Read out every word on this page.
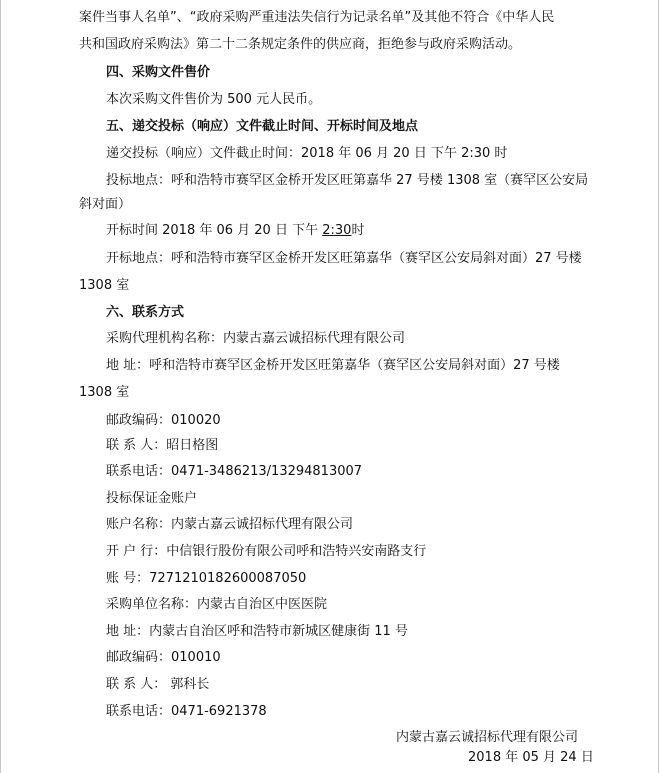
案件当事人名单”、“政府采购严重违法失信行为记录名单”及其他不符合《中华人民
共和国政府采购法》第二十二条规定条件的供应商，拒绝参与政府采购活动。
四、采购文件售价
本次采购文件售价为 500 元人民币。
五、递交投标（响应）文件截止时间、开标时间及地点
递交投标（响应）文件截止时间：2018 年 06 月 20 日 下午 2:30 时
投标地点：呼和浩特市赛罕区金桥开发区旺第嘉华 27 号楼 1308 室（赛罕区公安局
斜对面）
开标时间 2018 年 06 月 20 日 下午 2:30时
开标地点：呼和浩特市赛罕区金桥开发区旺第嘉华（赛罕区公安局斜对面）27 号楼
1308 室
六、联系方式
采购代理机构名称：内蒙古嘉云诚招标代理有限公司
地 址：呼和浩特市赛罕区金桥开发区旺第嘉华（赛罕区公安局斜对面）27 号楼
1308 室
邮政编码：010020
联 系 人：昭日格图
联系电话：0471-3486213/13294813007
投标保证金账户
账户名称：内蒙古嘉云诚招标代理有限公司
开 户 行：中信银行股份有限公司呼和浩特兴安南路支行
账 号：7271210182600087050
采购单位名称：内蒙古自治区中医医院
地 址：内蒙古自治区呼和浩特市新城区健康街 11 号
邮政编码：010010
联 系 人： 郭科长
联系电话：0471-6921378
内蒙古嘉云诚招标代理有限公司
2018 年 05 月 24 日
